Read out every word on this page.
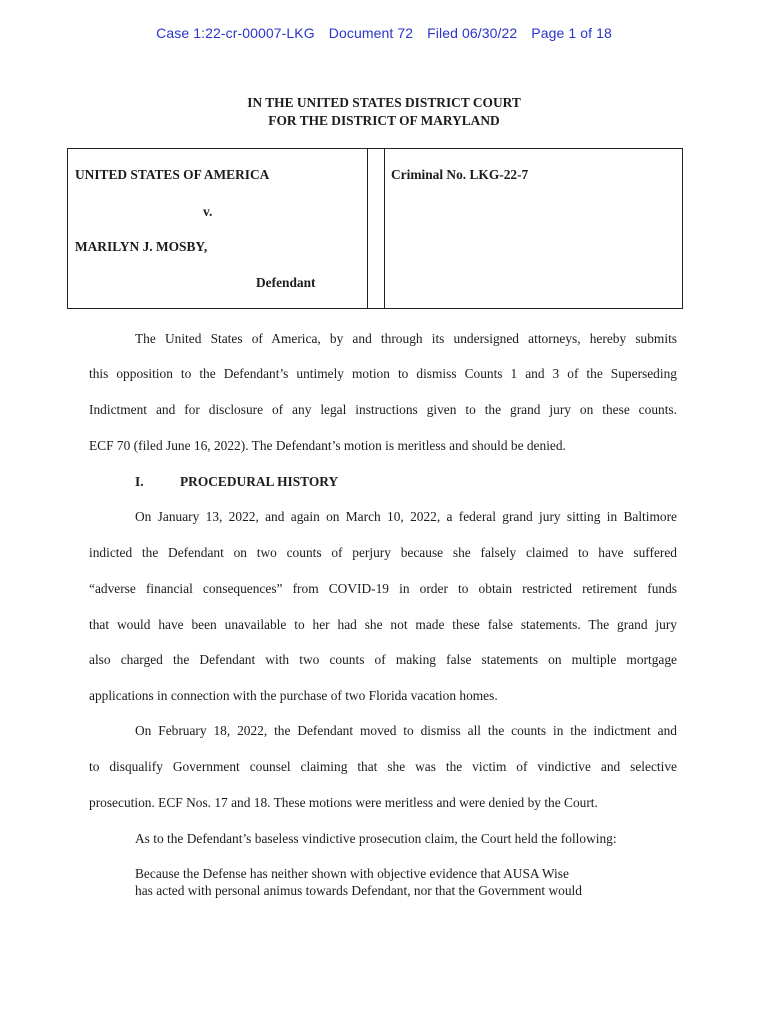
Case 1:22-cr-00007-LKG Document 72 Filed 06/30/22 Page 1 of 18
IN THE UNITED STATES DISTRICT COURT
FOR THE DISTRICT OF MARYLAND
UNITED STATES OF AMERICA
v.
MARILYN J. MOSBY,
Defendant
Criminal No. LKG-22-7
The United States of America, by and through its undersigned attorneys, hereby submits
this opposition to the Defendant’s untimely motion to dismiss Counts 1 and 3 of the Superseding
Indictment and for disclosure of any legal instructions given to the grand jury on these counts.
ECF 70 (filed June 16, 2022). The Defendant’s motion is meritless and should be denied.
I.	PROCEDURAL HISTORY
On January 13, 2022, and again on March 10, 2022, a federal grand jury sitting in Baltimore
indicted the Defendant on two counts of perjury because she falsely claimed to have suffered
“adverse financial consequences” from COVID-19 in order to obtain restricted retirement funds
that would have been unavailable to her had she not made these false statements. The grand jury
also charged the Defendant with two counts of making false statements on multiple mortgage
applications in connection with the purchase of two Florida vacation homes.
On February 18, 2022, the Defendant moved to dismiss all the counts in the indictment and
to disqualify Government counsel claiming that she was the victim of vindictive and selective
prosecution. ECF Nos. 17 and 18. These motions were meritless and were denied by the Court.
As to the Defendant’s baseless vindictive prosecution claim, the Court held the following:
Because the Defense has neither shown with objective evidence that AUSA Wise
has acted with personal animus towards Defendant, nor that the Government would
